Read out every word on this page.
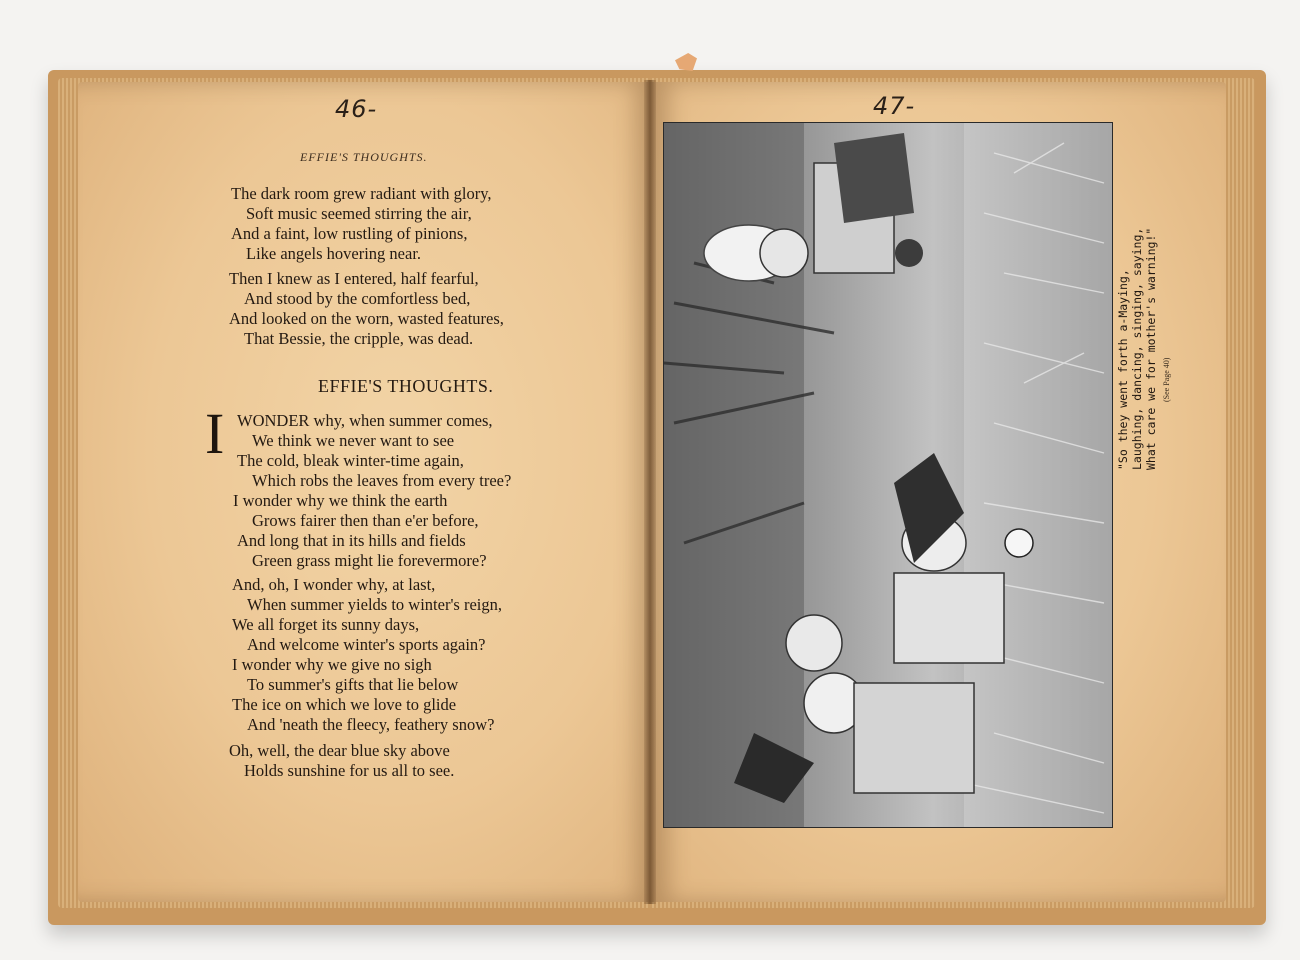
46-	47-
EFFIE'S THOUGHTS.
The dark room grew radiant with glory,
Soft music seemed stirring the air,
And a faint, low rustling of pinions,
Like angels hovering near.
Then I knew as I entered, half fearful,
And stood by the comfortless bed,
And looked on the worn, wasted features,
That Bessie, the cripple, was dead.
EFFIE'S THOUGHTS.
I WONDER why, when summer comes,
We think we never want to see
The cold, bleak winter-time again,
Which robs the leaves from every tree?
I wonder why we think the earth
Grows fairer then than e'er before,
And long that in its hills and fields
Green grass might lie forevermore?
And, oh, I wonder why, at last,
When summer yields to winter's reign,
We all forget its sunny days,
And welcome winter's sports again?
I wonder why we give no sigh
To summer's gifts that lie below
The ice on which we love to glide
And 'neath the fleecy, feathery snow?
Oh, well, the dear blue sky above
Holds sunshine for us all to see.
"So they went forth a-Maying, Laughing, dancing, singing, saying, What care we for mother's warning!" (See Page 40)
